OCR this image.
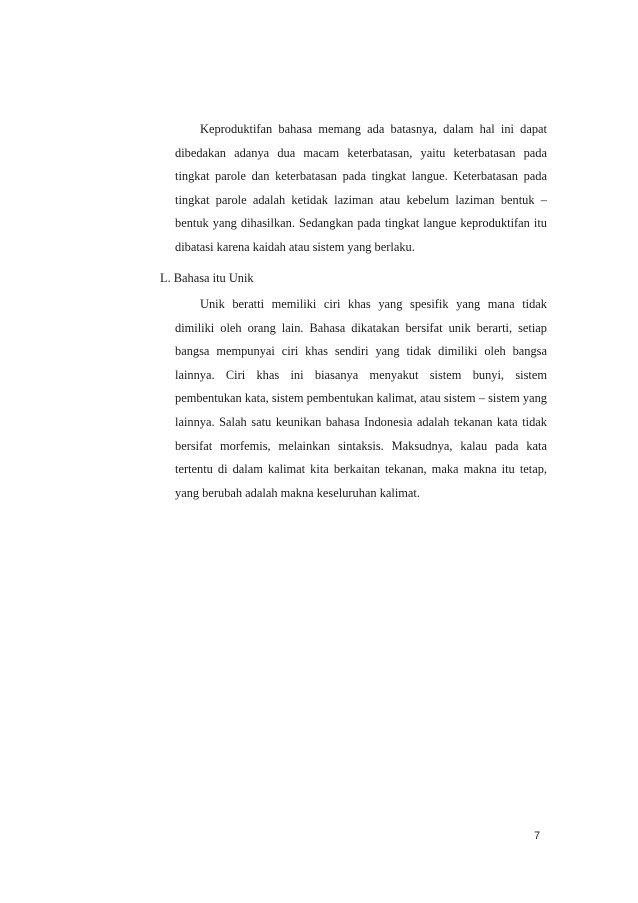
Keproduktifan bahasa memang ada batasnya, dalam hal ini dapat dibedakan adanya dua macam keterbatasan, yaitu keterbatasan pada tingkat parole dan keterbatasan pada tingkat langue. Keterbatasan pada tingkat parole adalah ketidak laziman atau kebelum laziman bentuk – bentuk yang dihasilkan. Sedangkan pada tingkat langue keproduktifan itu dibatasi karena kaidah atau sistem yang berlaku.

L. Bahasa itu Unik

Unik beratti memiliki ciri khas yang spesifik yang mana tidak dimiliki oleh orang lain. Bahasa dikatakan bersifat unik berarti, setiap bangsa mempunyai ciri khas sendiri yang tidak dimiliki oleh bangsa lainnya. Ciri khas ini biasanya menyakut sistem bunyi, sistem pembentukan kata, sistem pembentukan kalimat, atau sistem – sistem yang lainnya. Salah satu keunikan bahasa Indonesia adalah tekanan kata tidak bersifat morfemis, melainkan sintaksis. Maksudnya, kalau pada kata tertentu di dalam kalimat kita berkaitan tekanan, maka makna itu tetap, yang berubah adalah makna keseluruhan kalimat.

7
